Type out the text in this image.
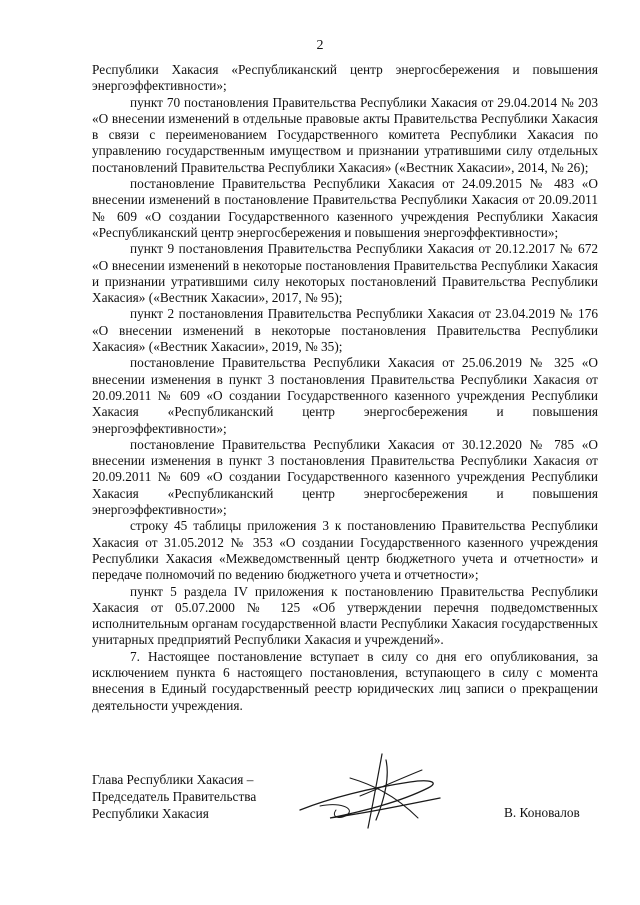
2

Республики Хакасия «Республиканский центр энергосбережения и повышения энергоэффективности»;

пункт 70 постановления Правительства Республики Хакасия от 29.04.2014 № 203 «О внесении изменений в отдельные правовые акты Правительства Республики Хакасия в связи с переименованием Государственного комитета Республики Хакасия по управлению государственным имуществом и признании утратившими силу отдельных постановлений Правительства Республики Хакасия» («Вестник Хакасии», 2014, № 26);

постановление Правительства Республики Хакасия от 24.09.2015 № 483 «О внесении изменений в постановление Правительства Республики Хакасия от 20.09.2011 № 609 «О создании Государственного казенного учреждения Республики Хакасия «Республиканский центр энергосбережения и повышения энергоэффективности»;

пункт 9 постановления Правительства Республики Хакасия от 20.12.2017 № 672 «О внесении изменений в некоторые постановления Правительства Республики Хакасия и признании утратившими силу некоторых постановлений Правительства Республики Хакасия» («Вестник Хакасии», 2017, № 95);

пункт 2 постановления Правительства Республики Хакасия от 23.04.2019 № 176 «О внесении изменений в некоторые постановления Правительства Республики Хакасия» («Вестник Хакасии», 2019, № 35);

постановление Правительства Республики Хакасия от 25.06.2019 № 325 «О внесении изменения в пункт 3 постановления Правительства Республики Хакасия от 20.09.2011 № 609 «О создании Государственного казенного учреждения Республики Хакасия «Республиканский центр энергосбережения и повышения энергоэффективности»;

постановление Правительства Республики Хакасия от 30.12.2020 № 785 «О внесении изменения в пункт 3 постановления Правительства Республики Хакасия от 20.09.2011 № 609 «О создании Государственного казенного учреждения Республики Хакасия «Республиканский центр энергосбережения и повышения энергоэффективности»;

строку 45 таблицы приложения 3 к постановлению Правительства Республики Хакасия от 31.05.2012 № 353 «О создании Государственного казенного учреждения Республики Хакасия «Межведомственный центр бюджетного учета и отчетности» и передаче полномочий по ведению бюджетного учета и отчетности»;

пункт 5 раздела IV приложения к постановлению Правительства Республики Хакасия от 05.07.2000 № 125 «Об утверждении перечня подведомственных исполнительным органам государственной власти Республики Хакасия государственных унитарных предприятий Республики Хакасия и учреждений».

7. Настоящее постановление вступает в силу со дня его опубликования, за исключением пункта 6 настоящего постановления, вступающего в силу с момента внесения в Единый государственный реестр юридических лиц записи о прекращении деятельности учреждения.

Глава Республики Хакасия –
Председатель Правительства
Республики Хакасия	В. Коновалов
